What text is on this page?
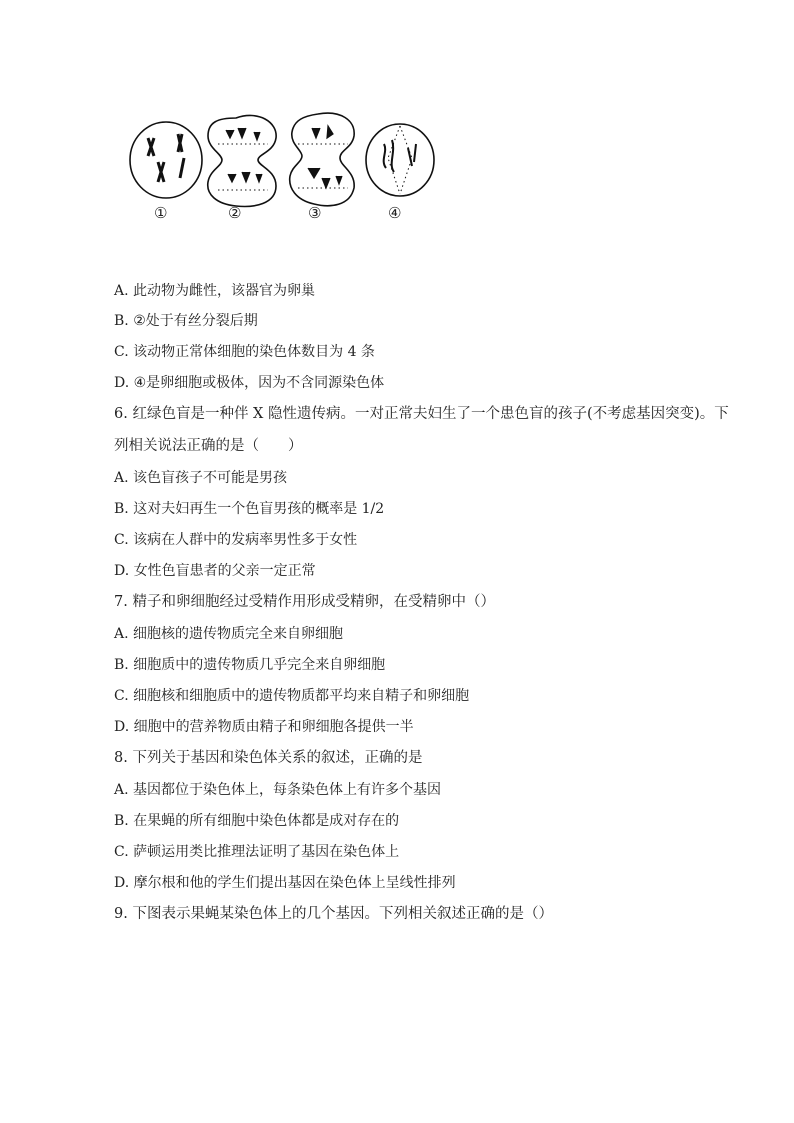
①	②	③	④
A. 此动物为雌性，该器官为卵巢
B. ②处于有丝分裂后期
C. 该动物正常体细胞的染色体数目为 4 条
D. ④是卵细胞或极体，因为不含同源染色体
6. 红绿色盲是一种伴 X 隐性遗传病。一对正常夫妇生了一个患色盲的孩子(不考虑基因突变)。下
列相关说法正确的是（　　）
A. 该色盲孩子不可能是男孩
B. 这对夫妇再生一个色盲男孩的概率是 1/2
C. 该病在人群中的发病率男性多于女性
D. 女性色盲患者的父亲一定正常
7. 精子和卵细胞经过受精作用形成受精卵，在受精卵中（）
A. 细胞核的遗传物质完全来自卵细胞
B. 细胞质中的遗传物质几乎完全来自卵细胞
C. 细胞核和细胞质中的遗传物质都平均来自精子和卵细胞
D. 细胞中的营养物质由精子和卵细胞各提供一半
8. 下列关于基因和染色体关系的叙述，正确的是
A. 基因都位于染色体上，每条染色体上有许多个基因
B. 在果蝇的所有细胞中染色体都是成对存在的
C. 萨顿运用类比推理法证明了基因在染色体上
D. 摩尔根和他的学生们提出基因在染色体上呈线性排列
9. 下图表示果蝇某染色体上的几个基因。下列相关叙述正确的是（）
